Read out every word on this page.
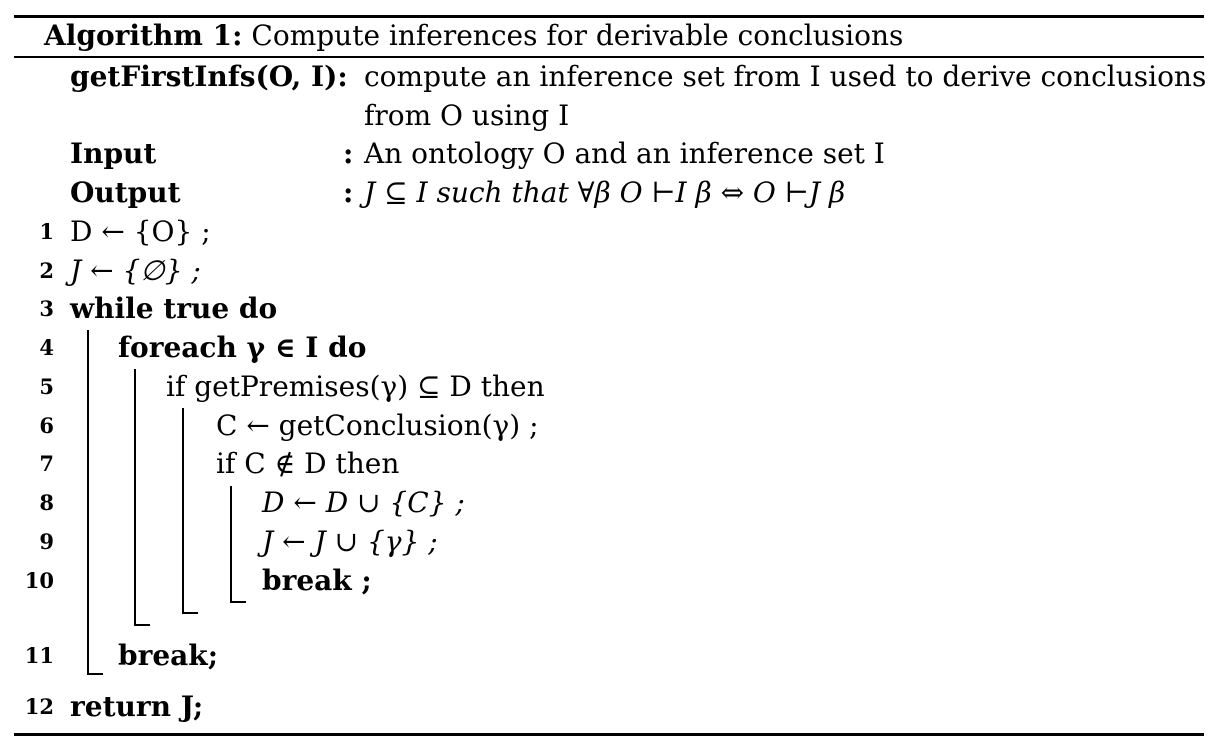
Algorithm 1: Compute inferences for derivable conclusions
getFirstInfs(O, I): compute an inference set from I used to derive conclusions
from O using I
Input	: An ontology O and an inference set I
Output	: J ⊆ I such that ∀β O ⊢I β ⇔ O ⊢J β
1
2
3
4
5
6
7
8
9
10
11
12
D ← {O} ;
J ← {∅} ;
while true do
foreach γ ∈ I do
if getPremises(γ) ⊆ D then
C ← getConclusion(γ) ;
if C ∉ D then
D ← D ∪ {C} ;
J ← J ∪ {γ} ;
break ;
break;
return J;
